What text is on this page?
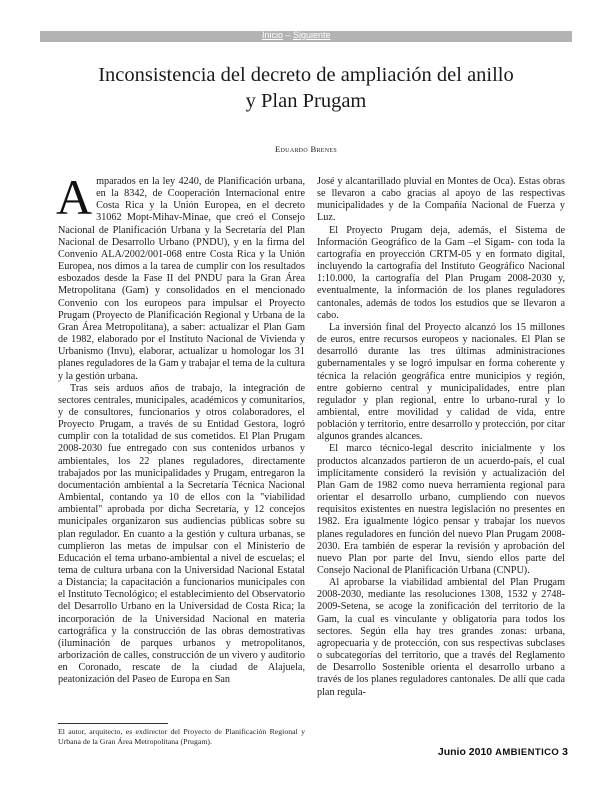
Inicio – Siguiente
Inconsistencia del decreto de ampliación del anillo
y Plan Prugam
Eduardo Brenes

Amparados en la ley 4240, de Planificación urbana, en la 8342, de Cooperación Internacional entre Costa Rica y la Unión Europea, en el decreto 31062 Mopt-Mihav-Minae, que creó el Consejo Nacional de Planificación Urbana y la Secretaría del Plan Nacional de Desarrollo Urbano (PNDU), y en la firma del Convenio ALA/2002/001-068 entre Costa Rica y la Unión Europea, nos dimos a la tarea de cumplir con los resultados esbozados desde la Fase II del PNDU para la Gran Área Metropolitana (Gam) y consolidados en el mencionado Convenio con los europeos para impulsar el Proyecto Prugam (Proyecto de Planificación Regional y Urbana de la Gran Área Metropolitana), a saber: actualizar el Plan Gam de 1982, elaborado por el Instituto Nacional de Vivienda y Urbanismo (Invu), elaborar, actualizar u homologar los 31 planes reguladores de la Gam y trabajar el tema de la cultura y la gestión urbana.

Tras seis arduos años de trabajo, la integración de sectores centrales, municipales, académicos y comunitarios, y de consultores, funcionarios y otros colaboradores, el Proyecto Prugam, a través de su Entidad Gestora, logró cumplir con la totalidad de sus cometidos. El Plan Prugam 2008-2030 fue entregado con sus contenidos urbanos y ambientales, los 22 planes reguladores, directamente trabajados por las municipalidades y Prugam, entregaron la documentación ambiental a la Secretaría Técnica Nacional Ambiental, contando ya 10 de ellos con la "viabilidad ambiental" aprobada por dicha Secretaría, y 12 concejos municipales organizaron sus audiencias públicas sobre su plan regulador. En cuanto a la gestión y cultura urbanas, se cumplieron las metas de impulsar con el Ministerio de Educación el tema urbano-ambiental a nivel de escuelas; el tema de cultura urbana con la Universidad Nacional Estatal a Distancia; la capacitación a funcionarios municipales con el Instituto Tecnológico; el establecimiento del Observatorio del Desarrollo Urbano en la Universidad de Costa Rica; la incorporación de la Universidad Nacional en materia cartográfica y la construcción de las obras demostrativas (iluminación de parques urbanos y metropolitanos, arborización de calles, construcción de un vivero y auditorio en Coronado, rescate de la ciudad de Alajuela, peatonización del Paseo de Europa en San

José y alcantarillado pluvial en Montes de Oca). Estas obras se llevaron a cabo gracias al apoyo de las respectivas municipalidades y de la Compañía Nacional de Fuerza y Luz.

El Proyecto Prugam deja, además, el Sistema de Información Geográfico de la Gam –el Sigam- con toda la cartografía en proyección CRTM-05 y en formato digital, incluyendo la cartografía del Instituto Geográfico Nacional 1:10.000, la cartografía del Plan Prugam 2008-2030 y, eventualmente, la información de los planes reguladores cantonales, además de todos los estudios que se llevaron a cabo.

La inversión final del Proyecto alcanzó los 15 millones de euros, entre recursos europeos y nacionales. El Plan se desarrolló durante las tres últimas administraciones gubernamentales y se logró impulsar en forma coherente y técnica la relación geográfica entre municipios y región, entre gobierno central y municipalidades, entre plan regulador y plan regional, entre lo urbano-rural y lo ambiental, entre movilidad y calidad de vida, entre población y territorio, entre desarrollo y protección, por citar algunos grandes alcances.

El marco técnico-legal descrito inicialmente y los productos alcanzados partieron de un acuerdo-país, el cual implícitamente consideró la revisión y actualización del Plan Gam de 1982 como nueva herramienta regional para orientar el desarrollo urbano, cumpliendo con nuevos requisitos existentes en nuestra legislación no presentes en 1982. Era igualmente lógico pensar y trabajar los nuevos planes reguladores en función del nuevo Plan Prugam 2008-2030. Era también de esperar la revisión y aprobación del nuevo Plan por parte del Invu, siendo ellos parte del Consejo Nacional de Planificación Urbana (CNPU).

Al aprobarse la viabilidad ambiental del Plan Prugam 2008-2030, mediante las resoluciones 1308, 1532 y 2748-2009-Setena, se acoge la zonificación del territorio de la Gam, la cual es vinculante y obligatoria para todos los sectores. Según ella hay tres grandes zonas: urbana, agropecuaria y de protección, con sus respectivas subclases o subcategorías del territorio, que a través del Reglamento de Desarrollo Sostenible orienta el desarrollo urbano a través de los planes reguladores cantonales. De allí que cada plan regula-

El autor, arquitecto, es exdirector del Proyecto de Planificación Regional y Urbana de la Gran Área Metropolitana (Prugam).
Junio 2010 AMBIENTICO 3
